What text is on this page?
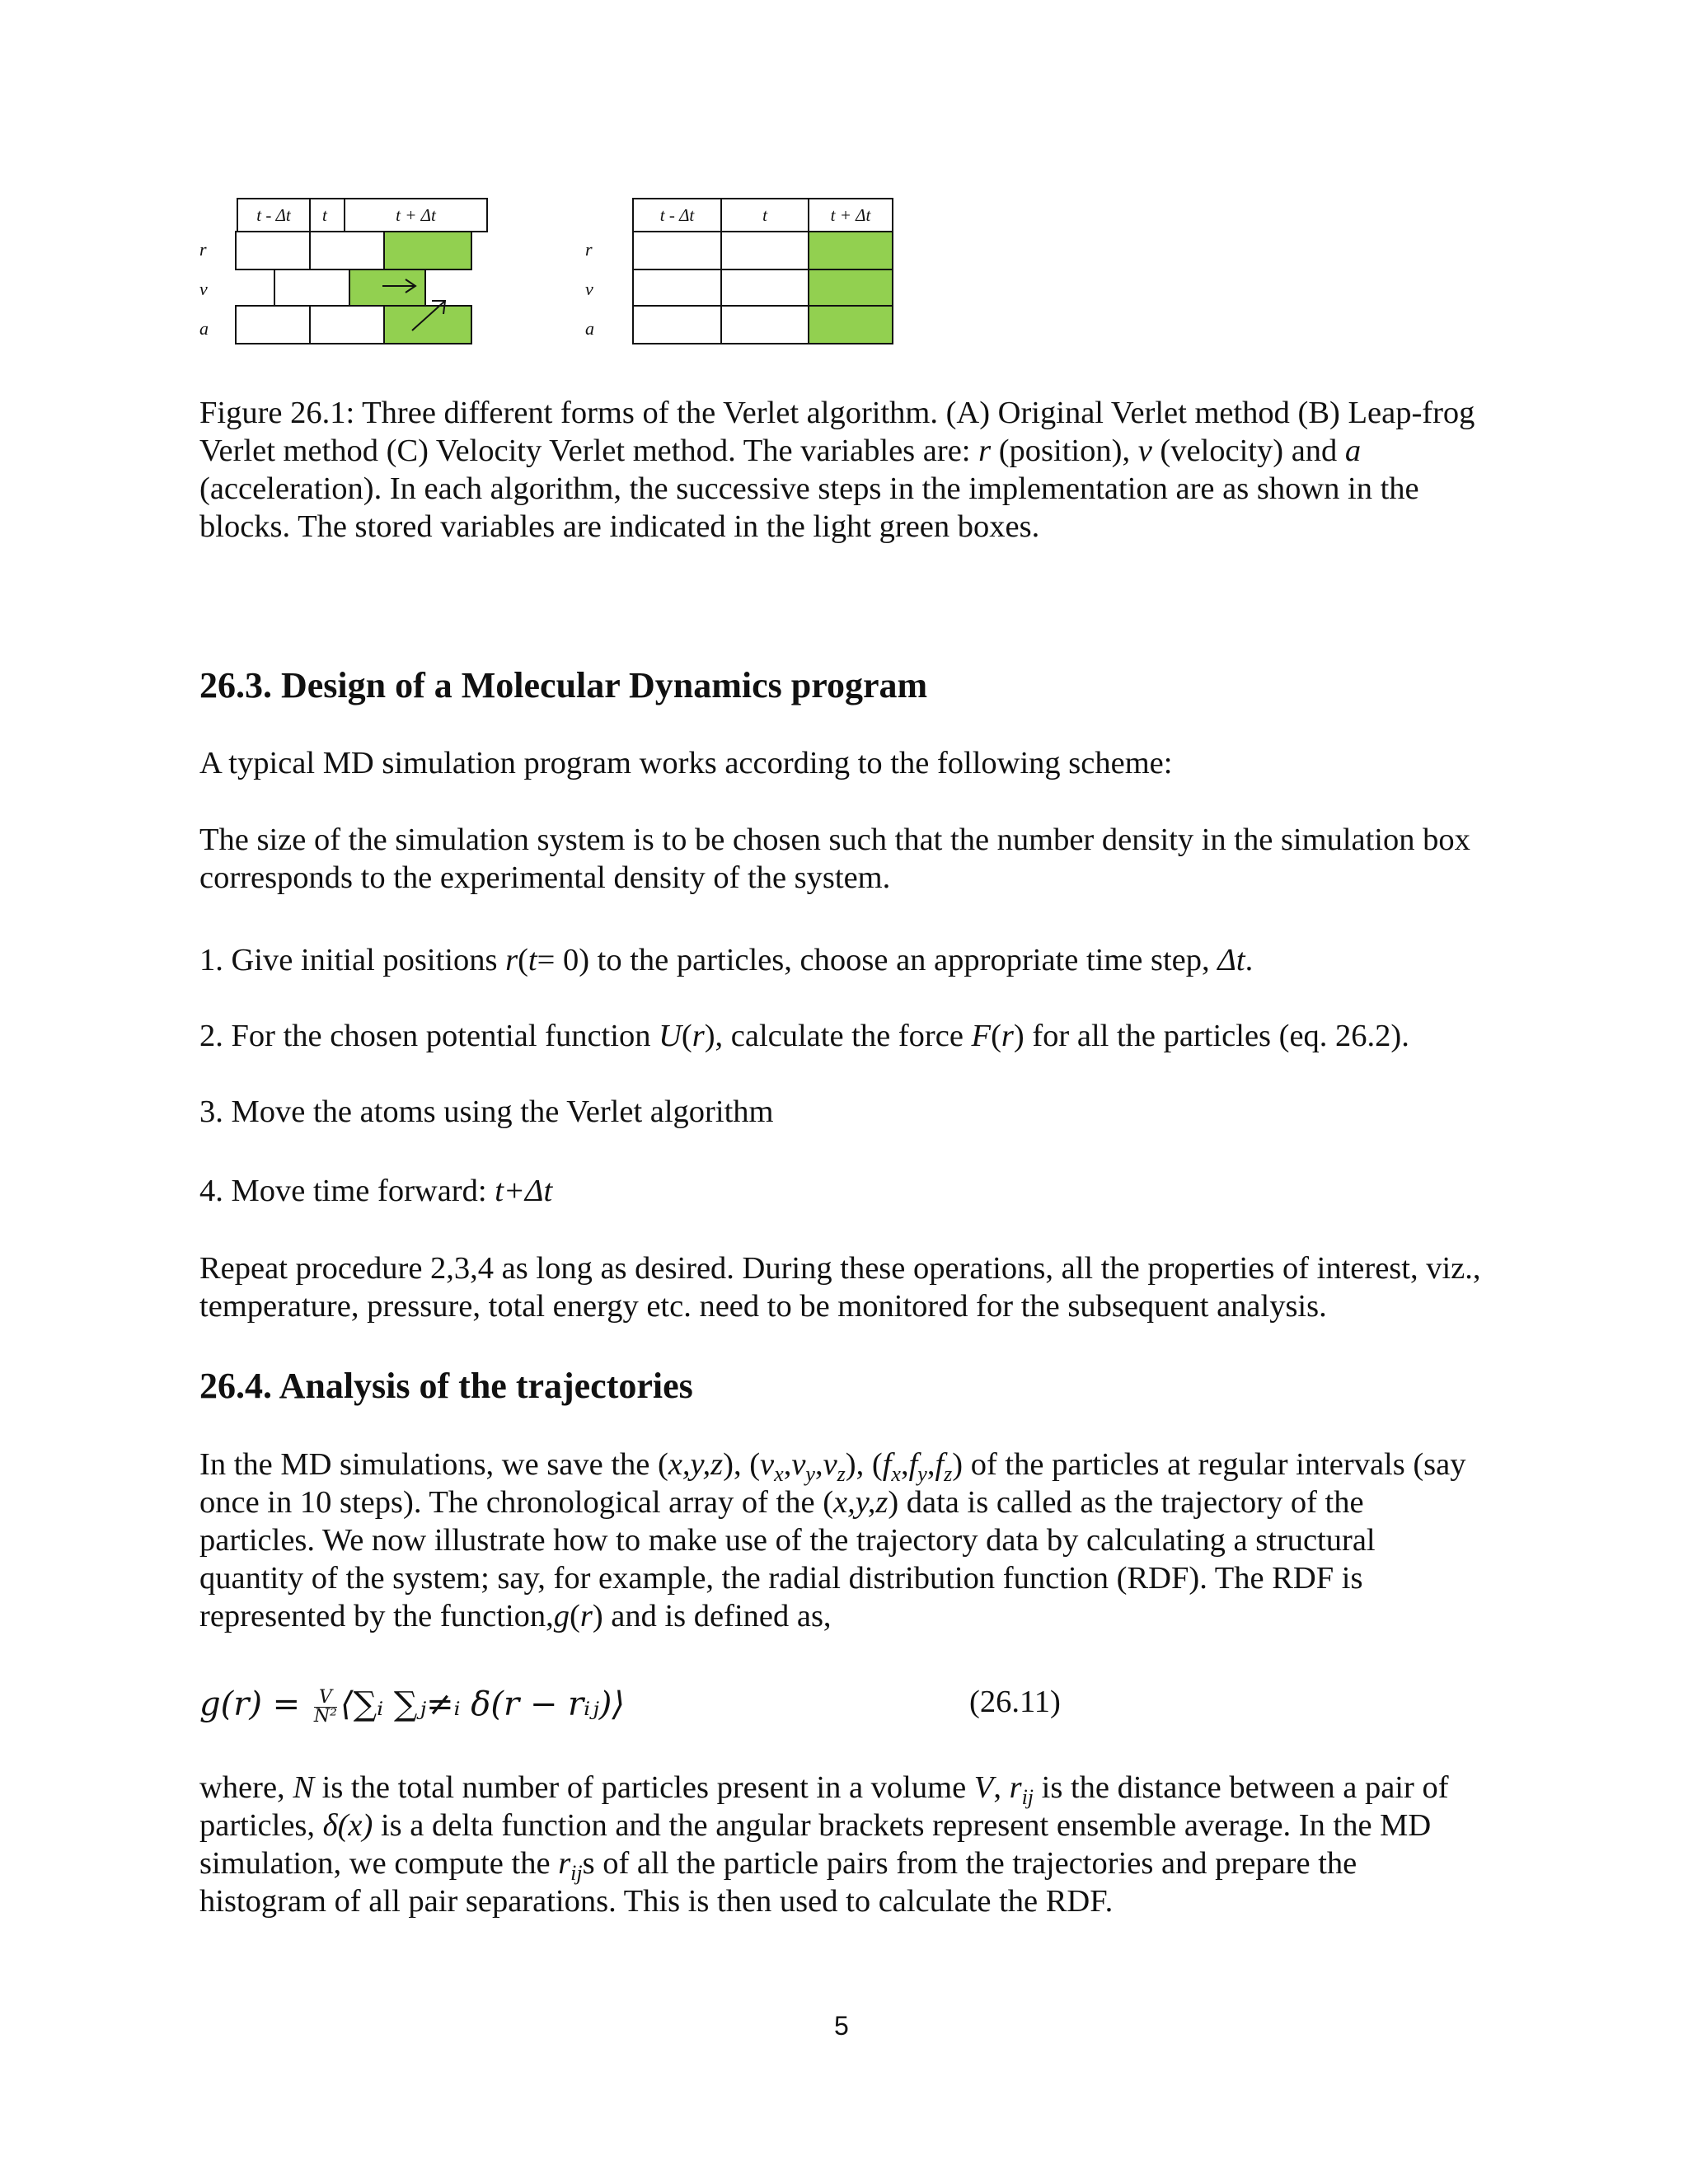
r
v
a
t - Δt	t	t + Δt
r
v
a
t - Δt	t	t + Δt

Figure 26.1: Three different forms of the Verlet algorithm. (A) Original Verlet method (B) Leap-frog Verlet method (C) Velocity Verlet method. The variables are: r (position), v (velocity) and a (acceleration). In each algorithm, the successive steps in the implementation are as shown in the blocks. The stored variables are indicated in the light green boxes.

26.3. Design of a Molecular Dynamics program

A typical MD simulation program works according to the following scheme:

The size of the simulation system is to be chosen such that the number density in the simulation box corresponds to the experimental density of the system.

1. Give initial positions r(t= 0) to the particles, choose an appropriate time step, Δt.
2. For the chosen potential function U(r), calculate the force F(r) for all the particles (eq. 26.2).
3. Move the atoms using the Verlet algorithm
4. Move time forward: t+Δt

Repeat procedure 2,3,4 as long as desired. During these operations, all the properties of interest, viz., temperature, pressure, total energy etc. need to be monitored for the subsequent analysis.

26.4. Analysis of the trajectories

In the MD simulations, we save the (x,y,z), $(v_x,v_y,v_z)$, $(f_x,f_y,f_z)$ of the particles at regular intervals (say once in 10 steps). The chronological array of the (x,y,z) data is called as the trajectory of the particles. We now illustrate how to make use of the trajectory data by calculating a structural quantity of the system; say, for example, the radial distribution function (RDF). The RDF is represented by the function,g(r) and is defined as,

$g(r) = \frac{V}{\text{N²}}$ ⟨∑ᵢ ∑ⱼ≠ᵢ δ(r − rᵢⱼ)⟩	(26.11)

where, N is the total number of particles present in a volume V, $r_{ij}$ is the distance between a pair of particles, δ(x) is a delta function and the angular brackets represent ensemble average. In the MD simulation, we compute the $r_{ij}s$ of all the particle pairs from the trajectories and prepare the histogram of all pair separations. This is then used to calculate the RDF.

5
